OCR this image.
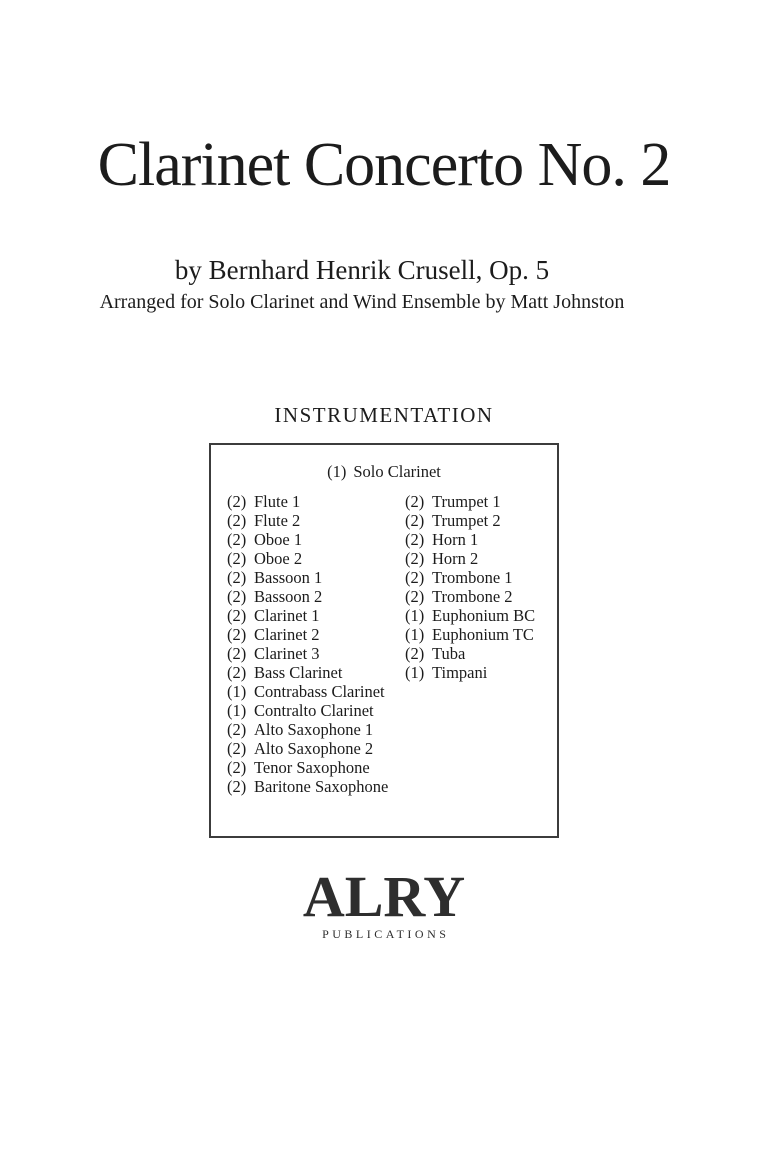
Clarinet Concerto No. 2
by Bernhard Henrik Crusell, Op. 5
Arranged for Solo Clarinet and Wind Ensemble by Matt Johnston
INSTRUMENTATION
(1) Solo Clarinet
(2) Flute 1
(2) Flute 2
(2) Oboe 1
(2) Oboe 2
(2) Bassoon 1
(2) Bassoon 2
(2) Clarinet 1
(2) Clarinet 2
(2) Clarinet 3
(2) Bass Clarinet
(1) Contrabass Clarinet
(1) Contralto Clarinet
(2) Alto Saxophone 1
(2) Alto Saxophone 2
(2) Tenor Saxophone
(2) Baritone Saxophone
(2) Trumpet 1
(2) Trumpet 2
(2) Horn 1
(2) Horn 2
(2) Trombone 1
(2) Trombone 2
(1) Euphonium BC
(1) Euphonium TC
(2) Tuba
(1) Timpani
ALRY
PUBLICATIONS
